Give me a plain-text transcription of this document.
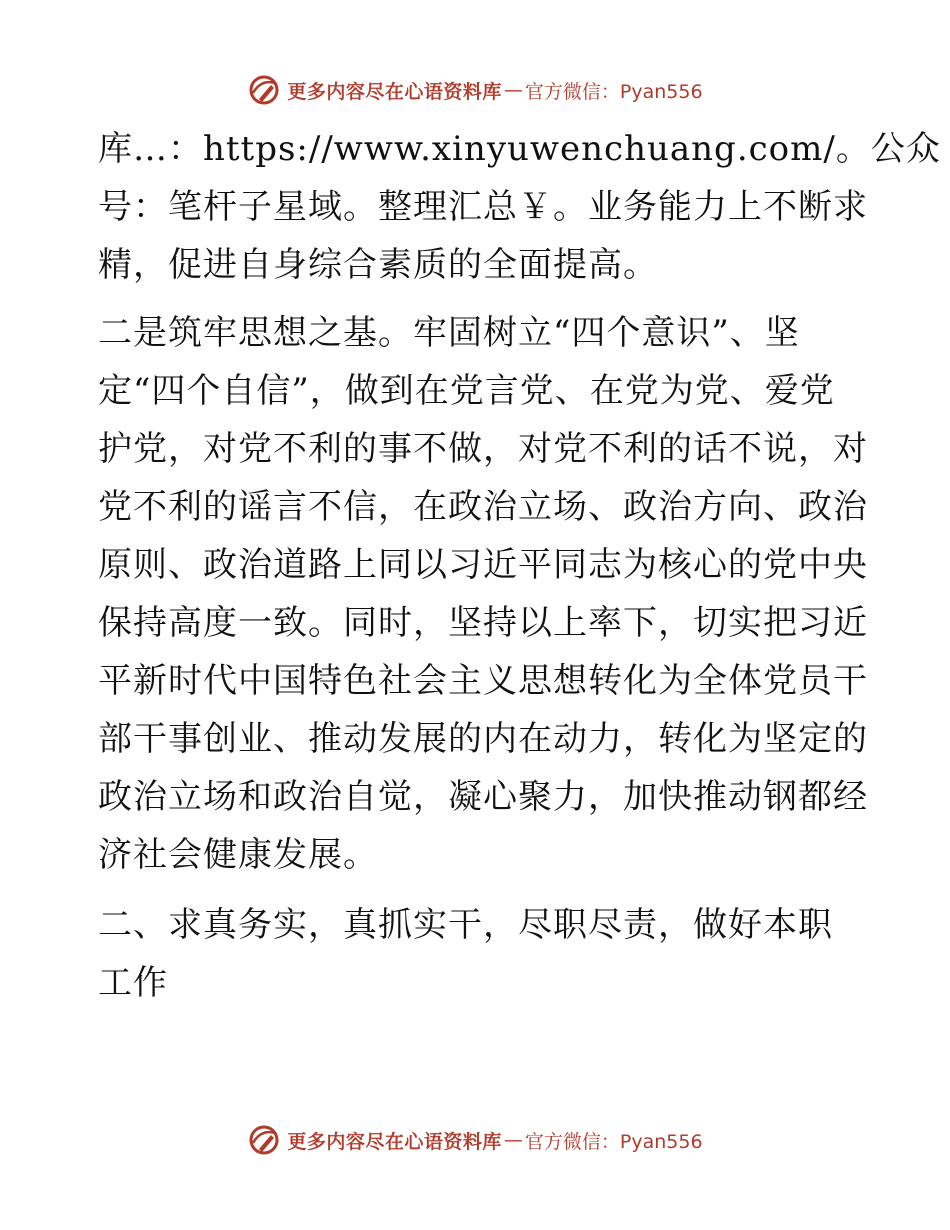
更多内容尽在心语资料库 — 官方微信：Pyan556

库…：https://www.xinyuwenchuang.com/。公众
号：笔杆子星域。整理汇总￥。业务能力上不断求
精，促进自身综合素质的全面提高。

二是筑牢思想之基。牢固树立“四个意识”、坚
定“四个自信”，做到在党言党、在党为党、爱党
护党，对党不利的事不做，对党不利的话不说，对
党不利的谣言不信，在政治立场、政治方向、政治
原则、政治道路上同以习近平同志为核心的党中央
保持高度一致。同时，坚持以上率下，切实把习近
平新时代中国特色社会主义思想转化为全体党员干
部干事创业、推动发展的内在动力，转化为坚定的
政治立场和政治自觉，凝心聚力，加快推动钢都经
济社会健康发展。

二、求真务实，真抓实干，尽职尽责，做好本职
工作

更多内容尽在心语资料库 — 官方微信：Pyan556
